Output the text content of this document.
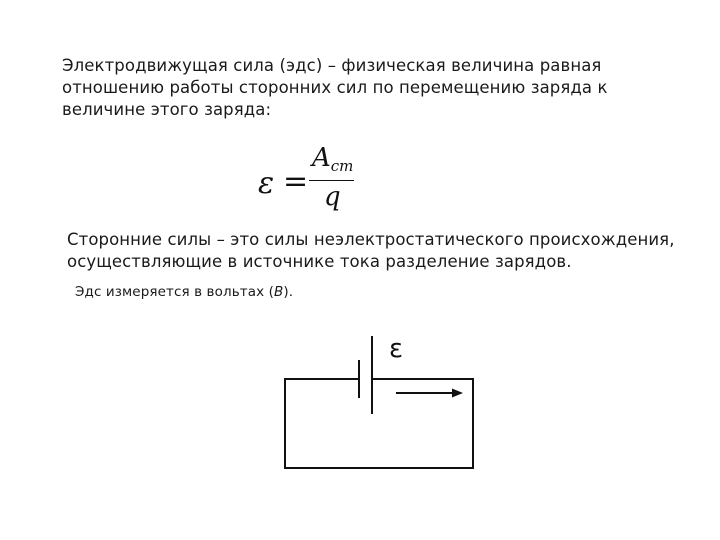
Электродвижущая сила (эдс) – физическая величина равная отношению работы сторонних сил по перемещению заряда к величине этого заряда:

ε =
$A_{cт}$
q

Сторонние силы – это силы неэлектростатического происхождения, осуществляющие в источнике тока разделение зарядов.

Эдс измеряется в вольтах (В).

ε
